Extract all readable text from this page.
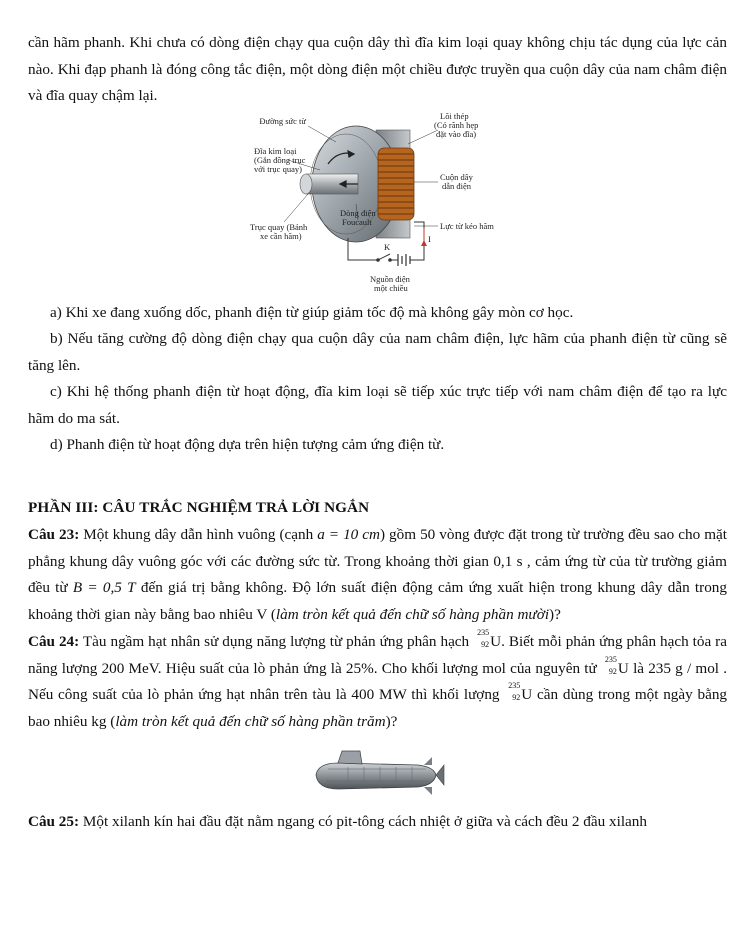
cần hãm phanh. Khi chưa có dòng điện chạy qua cuộn dây thì đĩa kim loại quay không chịu tác dụng của lực cản nào. Khi đạp phanh là đóng công tắc điện, một dòng điện một chiều được truyền qua cuộn dây của nam châm điện và đĩa quay chậm lại.

Đường sức từ
Đĩa kim loại
(Gắn đồng trục
với trục quay)
Trục quay (Bánh
xe cần hãm)
Dòng điện
Foucault
Lõi thép
(Có rãnh hẹp
đặt vào đĩa)
Cuộn dây
dẫn điện
Lực từ kéo hãm
K
I
Nguồn điện
một chiều

a) Khi xe đang xuống dốc, phanh điện từ giúp giảm tốc độ mà không gây mòn cơ học.

b) Nếu tăng cường độ dòng điện chạy qua cuộn dây của nam châm điện, lực hãm của phanh điện từ cũng sẽ tăng lên.

c) Khi hệ thống phanh điện từ hoạt động, đĩa kim loại sẽ tiếp xúc trực tiếp với nam châm điện để tạo ra lực hãm do ma sát.

d) Phanh điện từ hoạt động dựa trên hiện tượng cảm ứng điện từ.

PHẦN III: CÂU TRẮC NGHIỆM TRẢ LỜI NGẮN

Câu 23: Một khung dây dẫn hình vuông (cạnh a = 10 cm) gồm 50 vòng được đặt trong từ trường đều sao cho mặt phẳng khung dây vuông góc với các đường sức từ. Trong khoảng thời gian 0,1 s , cảm ứng từ của từ trường giảm đều từ B = 0,5 T đến giá trị bằng không. Độ lớn suất điện động cảm ứng xuất hiện trong khung dây dẫn trong khoảng thời gian này bằng bao nhiêu V (làm tròn kết quả đến chữ số hàng phần mười)?

Câu 24: Tàu ngầm hạt nhân sử dụng năng lượng từ phản ứng phân hạch
235
92 U. Biết mỗi phản ứng phân hạch tỏa ra năng lượng 200 MeV. Hiệu suất của lò phản ứng là 25%. Cho khối lượng mol của nguyên tử
235
92 U là 235 g / mol . Nếu công suất của lò phản ứng hạt nhân trên tàu là 400 MW thì khối lượng
235
92 U cần dùng trong một ngày bằng bao nhiêu kg (làm tròn kết quả đến chữ số hàng phần trăm)?

Câu 25: Một xilanh kín hai đầu đặt nằm ngang có pit-tông cách nhiệt ở giữa và cách đều 2 đầu xilanh
